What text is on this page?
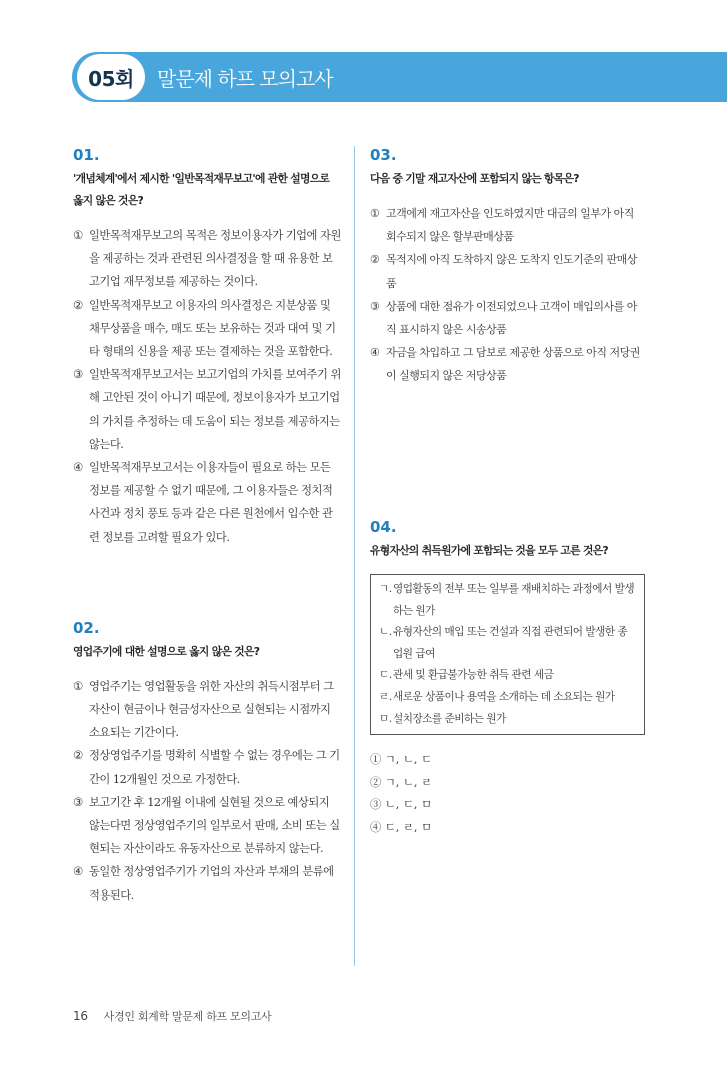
05회	말문제 하프 모의고사
01.
'개념체계'에서 제시한 '일반목적재무보고'에 관한 설명으로 옳지 않은 것은?
① 일반목적재무보고의 목적은 정보이용자가 기업에 자원을 제공하는 것과 관련된 의사결정을 할 때 유용한 보고기업 재무정보를 제공하는 것이다.
② 일반목적재무보고 이용자의 의사결정은 지분상품 및 채무상품을 매수, 매도 또는 보유하는 것과 대여 및 기타 형태의 신용을 제공 또는 결제하는 것을 포함한다.
③ 일반목적재무보고서는 보고기업의 가치를 보여주기 위해 고안된 것이 아니기 때문에, 정보이용자가 보고기업의 가치를 추정하는 데 도움이 되는 정보를 제공하지는 않는다.
④ 일반목적재무보고서는 이용자들이 필요로 하는 모든 정보를 제공할 수 없기 때문에, 그 이용자들은 정치적 사건과 정치 풍토 등과 같은 다른 원천에서 입수한 관련 정보를 고려할 필요가 있다.
02.
영업주기에 대한 설명으로 옳지 않은 것은?
① 영업주기는 영업활동을 위한 자산의 취득시점부터 그 자산이 현금이나 현금성자산으로 실현되는 시점까지 소요되는 기간이다.
② 정상영업주기를 명확히 식별할 수 없는 경우에는 그 기간이 12개월인 것으로 가정한다.
③ 보고기간 후 12개월 이내에 실현될 것으로 예상되지 않는다면 정상영업주기의 일부로서 판매, 소비 또는 실현되는 자산이라도 유동자산으로 분류하지 않는다.
④ 동일한 정상영업주기가 기업의 자산과 부채의 분류에 적용된다.
03.
다음 중 기말 재고자산에 포함되지 않는 항목은?
① 고객에게 재고자산을 인도하였지만 대금의 일부가 아직 회수되지 않은 할부판매상품
② 목적지에 아직 도착하지 않은 도착지 인도기준의 판매상품
③ 상품에 대한 점유가 이전되었으나 고객이 매입의사를 아직 표시하지 않은 시송상품
④ 자금을 차입하고 그 담보로 제공한 상품으로 아직 저당권이 실행되지 않은 저당상품
04.
유형자산의 취득원가에 포함되는 것을 모두 고른 것은?
ㄱ. 영업활동의 전부 또는 일부를 재배치하는 과정에서 발생하는 원가
ㄴ. 유형자산의 매입 또는 건설과 직접 관련되어 발생한 종업원 급여
ㄷ. 관세 및 환급불가능한 취득 관련 세금
ㄹ. 새로운 상품이나 용역을 소개하는 데 소요되는 원가
ㅁ. 설치장소를 준비하는 원가
① ㄱ, ㄴ, ㄷ
② ㄱ, ㄴ, ㄹ
③ ㄴ, ㄷ, ㅁ
④ ㄷ, ㄹ, ㅁ
16 사경인 회계학 말문제 하프 모의고사
